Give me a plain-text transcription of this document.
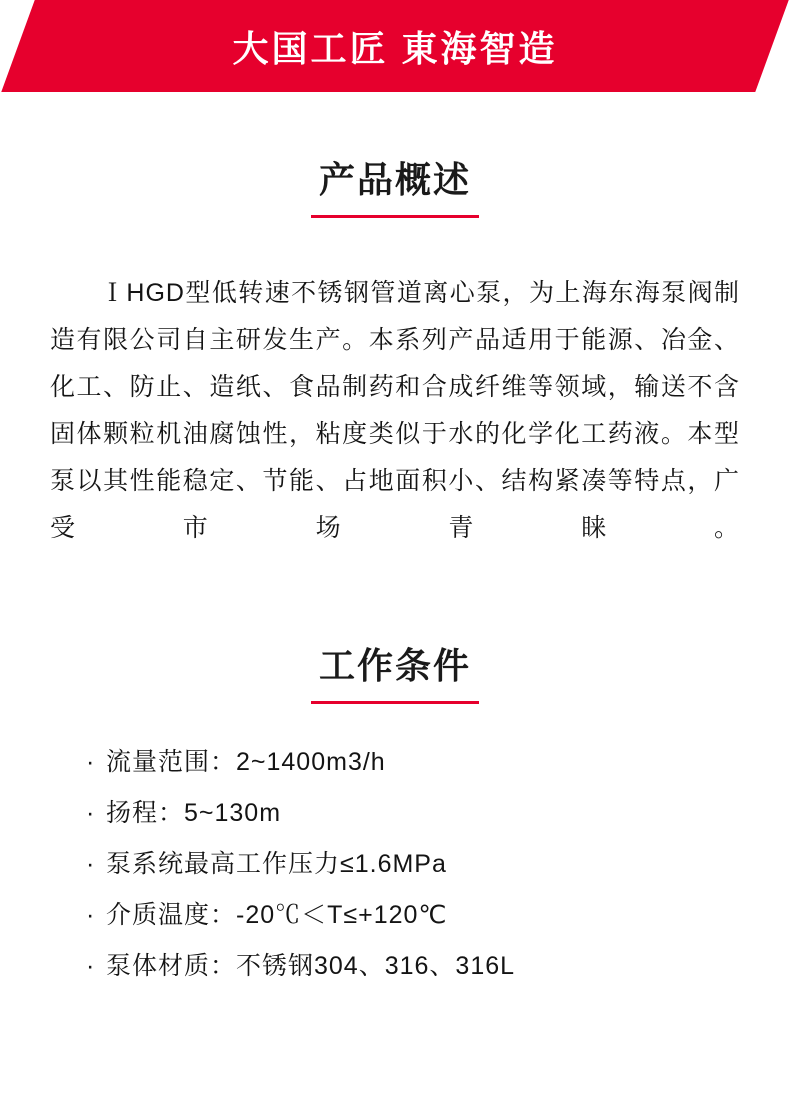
大国工匠 東海智造
产品概述

ＩHGD型低转速不锈钢管道离心泵，为上海东海泵阀制造有限公司自主研发生产。本系列产品适用于能源、冶金、化工、防止、造纸、食品制药和合成纤维等领域，输送不含固体颗粒机油腐蚀性，粘度类似于水的化学化工药液。本型泵以其性能稳定、节能、占地面积小、结构紧凑等特点，广受市场青睐。

工作条件
· 流量范围：2~1400m3/h
· 扬程：5~130m
· 泵系统最高工作压力≤1.6MPa
· 介质温度：-20℃＜T≤+120℃
· 泵体材质：不锈钢304、316、316L
